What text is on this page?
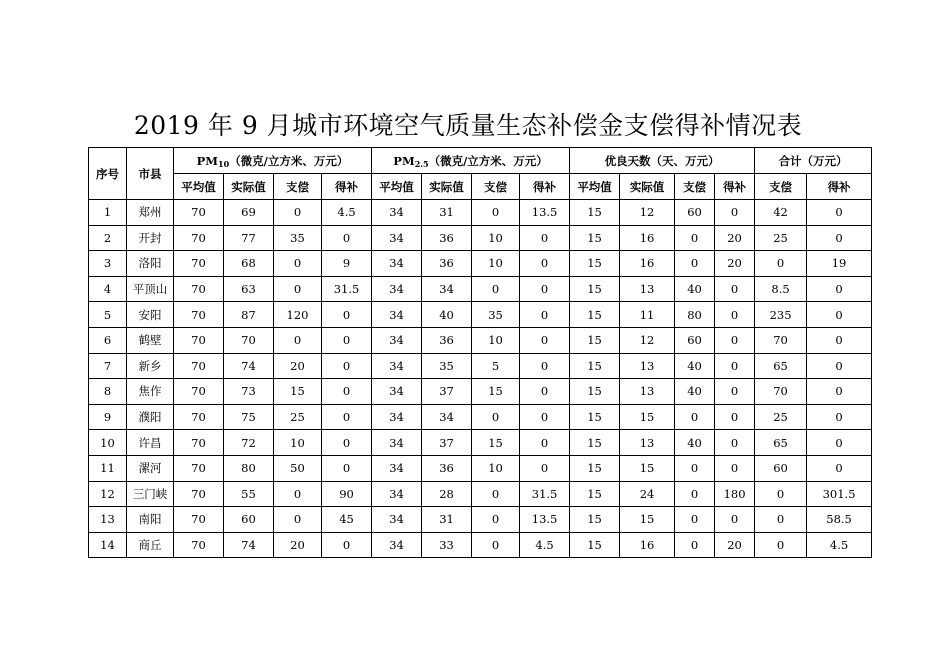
2019 年 9 月城市环境空气质量生态补偿金支偿得补情况表
序号	市县	$PM_{10}$（微克/立方米、万元）				$PM_{2.5}$（微克/立方米、万元）				优良天数（天、万元）				合计（万元）	
		平均值	实际值	支偿	得补	平均值	实际值	支偿	得补	平均值	实际值	支偿	得补	支偿	得补
1	郑州	70	69	0	4.5	34	31	0	13.5	15	12	60	0	42	0
2	开封	70	77	35	0	34	36	10	0	15	16	0	20	25	0
3	洛阳	70	68	0	9	34	36	10	0	15	16	0	20	0	19
4	平顶山	70	63	0	31.5	34	34	0	0	15	13	40	0	8.5	0
5	安阳	70	87	120	0	34	40	35	0	15	11	80	0	235	0
6	鹤壁	70	70	0	0	34	36	10	0	15	12	60	0	70	0
7	新乡	70	74	20	0	34	35	5	0	15	13	40	0	65	0
8	焦作	70	73	15	0	34	37	15	0	15	13	40	0	70	0
9	濮阳	70	75	25	0	34	34	0	0	15	15	0	0	25	0
10	许昌	70	72	10	0	34	37	15	0	15	13	40	0	65	0
11	漯河	70	80	50	0	34	36	10	0	15	15	0	0	60	0
12	三门峡	70	55	0	90	34	28	0	31.5	15	24	0	180	0	301.5
13	南阳	70	60	0	45	34	31	0	13.5	15	15	0	0	0	58.5
14	商丘	70	74	20	0	34	33	0	4.5	15	16	0	20	0	4.5
